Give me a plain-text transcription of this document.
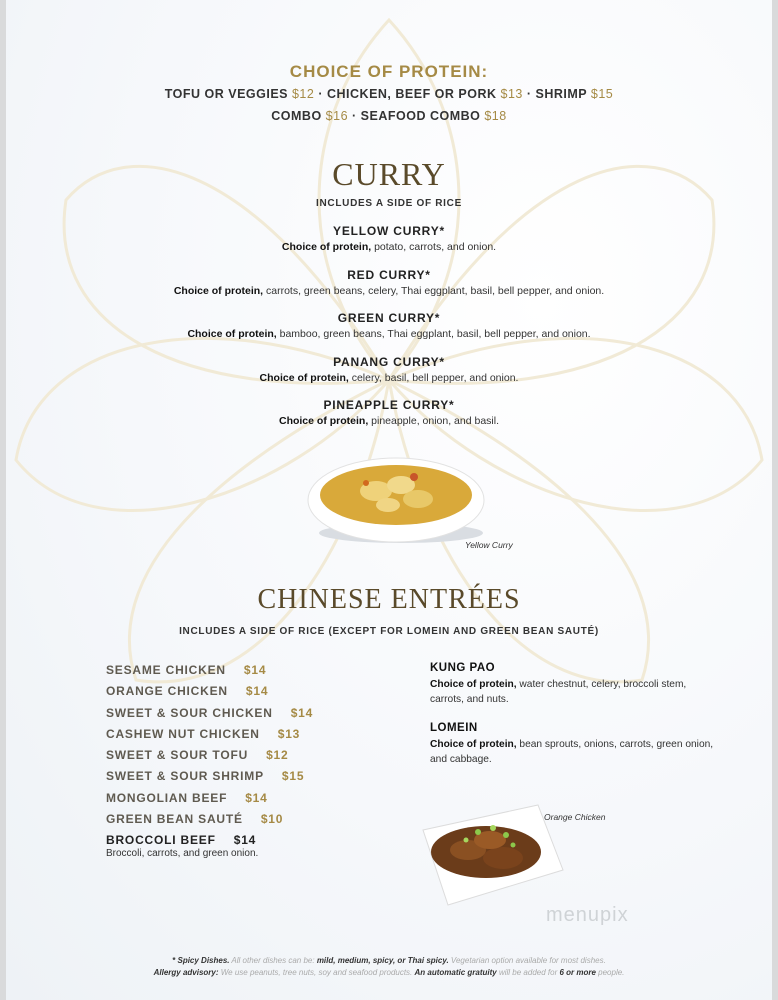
CHOICE OF PROTEIN:
TOFU OR VEGGIES $12 · CHICKEN, BEEF OR PORK $13 · SHRIMP $15
COMBO $16 · SEAFOOD COMBO $18
CURRY
INCLUDES A SIDE OF RICE
YELLOW CURRY*
Choice of protein, potato, carrots, and onion.
RED CURRY*
Choice of protein, carrots, green beans, celery, Thai eggplant, basil, bell pepper, and onion.
GREEN CURRY*
Choice of protein, bamboo, green beans, Thai eggplant, basil, bell pepper, and onion.
PANANG CURRY*
Choice of protein, celery, basil, bell pepper, and onion.
PINEAPPLE CURRY*
Choice of protein, pineapple, onion, and basil.
Yellow Curry
CHINESE ENTRÉES
INCLUDES A SIDE OF RICE (EXCEPT FOR LOMEIN AND GREEN BEAN SAUTÉ)
SESAME CHICKEN $14
ORANGE CHICKEN $14
SWEET & SOUR CHICKEN $14
CASHEW NUT CHICKEN $13
SWEET & SOUR TOFU $12
SWEET & SOUR SHRIMP $15
MONGOLIAN BEEF $14
GREEN BEAN SAUTÉ $10
BROCCOLI BEEF $14
Broccoli, carrots, and green onion.
KUNG PAO
Choice of protein, water chestnut, celery, broccoli stem,
carrots, and nuts.
LOMEIN
Choice of protein, bean sprouts, onions, carrots, green onion,
and cabbage.
Orange Chicken
menupix
* Spicy Dishes. All other dishes can be: mild, medium, spicy, or Thai spicy. Vegetarian option available for most dishes.
Allergy advisory: We use peanuts, tree nuts, soy and seafood products. An automatic gratuity will be added for 6 or more people.
